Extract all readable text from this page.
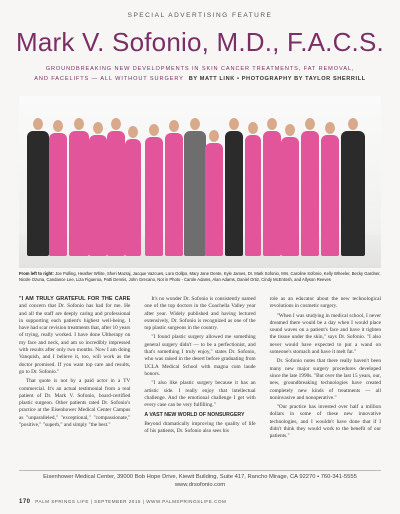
SPECIAL ADVERTISING FEATURE
Mark V. Sofonio, M.D., F.A.C.S.
GROUNDBREAKING NEW DEVELOPMENTS IN SKIN CANCER TREATMENTS, FAT REMOVAL,
AND FACELIFTS — ALL WITHOUT SURGERY BY MATT LINK • PHOTOGRAPHY BY TAYLOR SHERRILL
From left to right: Joe Pulling, Heather White, Sheri Mazraj, Jacque Vazcues, Lora Gollpo, Mary Jane Dente, Kyle James, Dr. Mark Sofonio, Mrs. Caroline Sofonio, Kelly Wheeler, Becky Gardner, Nicole Ozuna, Candance Lee, Liza Figueroa, Patti Dennis, John Grecano, Not in Photo - Carole Adams, Alan Adams, Daniel Ortiz, Cindy McEntosh, and Allyson Reeves

"I AM TRULY GRATEFUL FOR THE CARE and concern that Dr. Sofonio has had for me. He and all the staff are deeply caring and professional in supporting each patient's highest well-being. I have had scar revision treatments that, after 10 years of trying, really worked. I have done Ultherapy on my face and neck, and am so incredibly impressed with results after only two months. Now I am doing Vanquish, and I believe it, too, will work as the doctor promised. If you want top care and results, go to Dr. Sofonio."

That quote is not by a paid actor in a TV commercial. It's an actual testimonial from a real patient of Dr. Mark V. Sofonio, board-certified plastic surgeon. Other patients rated Dr. Sofonio's practice at the Eisenhower Medical Center Campus as "unparalleled," "exceptional," "compassionate," "positive," "superb," and simply "the best."

It's no wonder Dr. Sofonio is consistently named one of the top doctors in the Coachella Valley year after year. Widely published and having lectured extensively, Dr. Sofonio is recognized as one of the top plastic surgeons in the country.

"I found plastic surgery allowed me something general surgery didn't — to be a perfectionist, and that's something I truly enjoy," states Dr. Sofonio, who was raised in the desert before graduating from UCLA Medical School with magna cum laude honors.

"I also like plastic surgery because it has an artistic side. I really enjoy that intellectual challenge. And the emotional challenge I get with every case can be very fulfilling."

A VAST NEW WORLD OF NONSURGERY

Beyond dramatically improving the quality of life of his patients, Dr. Sofonio also sees his

role as an educator about the new technological revolutions in cosmetic surgery.

"When I was studying in medical school, I never dreamed there would be a day when I would place sound waves on a patient's face and have it tighten the tissue under the skin," says Dr. Sofonio. "I also never would have expected to put a wand on someone's stomach and have it melt fat."

Dr. Sofonio notes that there really haven't been many new major surgery procedures developed since the late 1990s. "But over the last 15 years, our, new, groundbreaking technologies have created completely new kinds of treatments — all noninvasive and nonoperative."

"Our practice has invested over half a million dollars in some of these new innovative technologies, and I wouldn't have done that if I didn't think they would work to the benefit of our patients."

Eisenhower Medical Center, 39000 Bob Hope Drive, Kiewit Building, Suite 417, Rancho Mirage, CA 92270 • 760-341-5555
www.drsofonio.com
170 PALM SPRINGS LIFE | SEPTEMBER 2015 | WWW.PALMSPRINGSLIFE.COM
